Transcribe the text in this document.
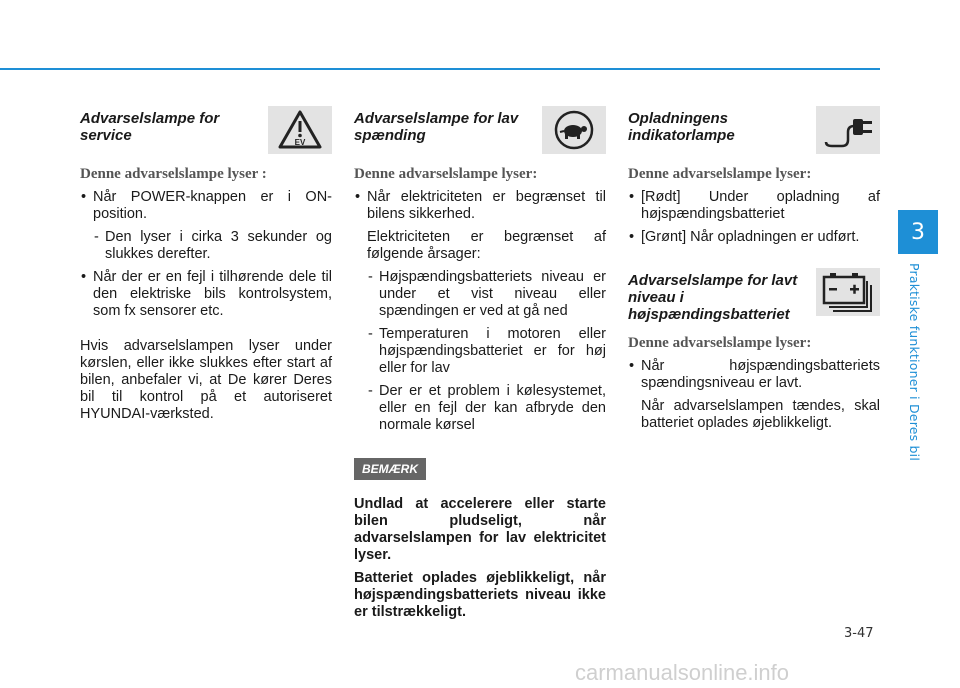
Advarselslampe for service	EV

Denne advarselslampe lyser :

• Når POWER-knappen er i ON-position.

- Den lyser i cirka 3 sekunder og slukkes derefter.

• Når der er en fejl i tilhørende dele til den elektriske bils kontrolsystem, som fx sensorer etc.

Hvis advarselslampen lyser under kørslen, eller ikke slukkes efter start af bilen, anbefaler vi, at De kører Deres bil til kontrol på et autoriseret HYUNDAI-værksted.

Advarselslampe for lav spænding

Denne advarselslampe lyser:

• Når elektriciteten er begrænset til bilens sikkerhed.

Elektriciteten er begrænset af følgende årsager:

- Højspændingsbatteriets niveau er under et vist niveau eller spændingen er ved at gå ned

- Temperaturen i motoren eller højspændingsbatteriet er for høj eller for lav

- Der er et problem i kølesystemet, eller en fejl der kan afbryde den normale kørsel

BEMÆRK

Undlad at accelerere eller starte bilen pludseligt, når advarselslampen for lav elektricitet lyser.

Batteriet oplades øjeblikkeligt, når højspændingsbatteriets niveau ikke er tilstrækkeligt.

Opladningens indikatorlampe

Denne advarselslampe lyser:

• [Rødt] Under opladning af højspændingsbatteriet

• [Grønt] Når opladningen er udført.

Advarselslampe for lavt niveau i højspændingsbatteriet

Denne advarselslampe lyser:

• Når højspændingsbatteriets spændingsniveau er lavt.

Når advarselslampen tændes, skal batteriet oplades øjeblikkeligt.

3
Praktiske funktioner i Deres bil
3-47
carmanualsonline.info
